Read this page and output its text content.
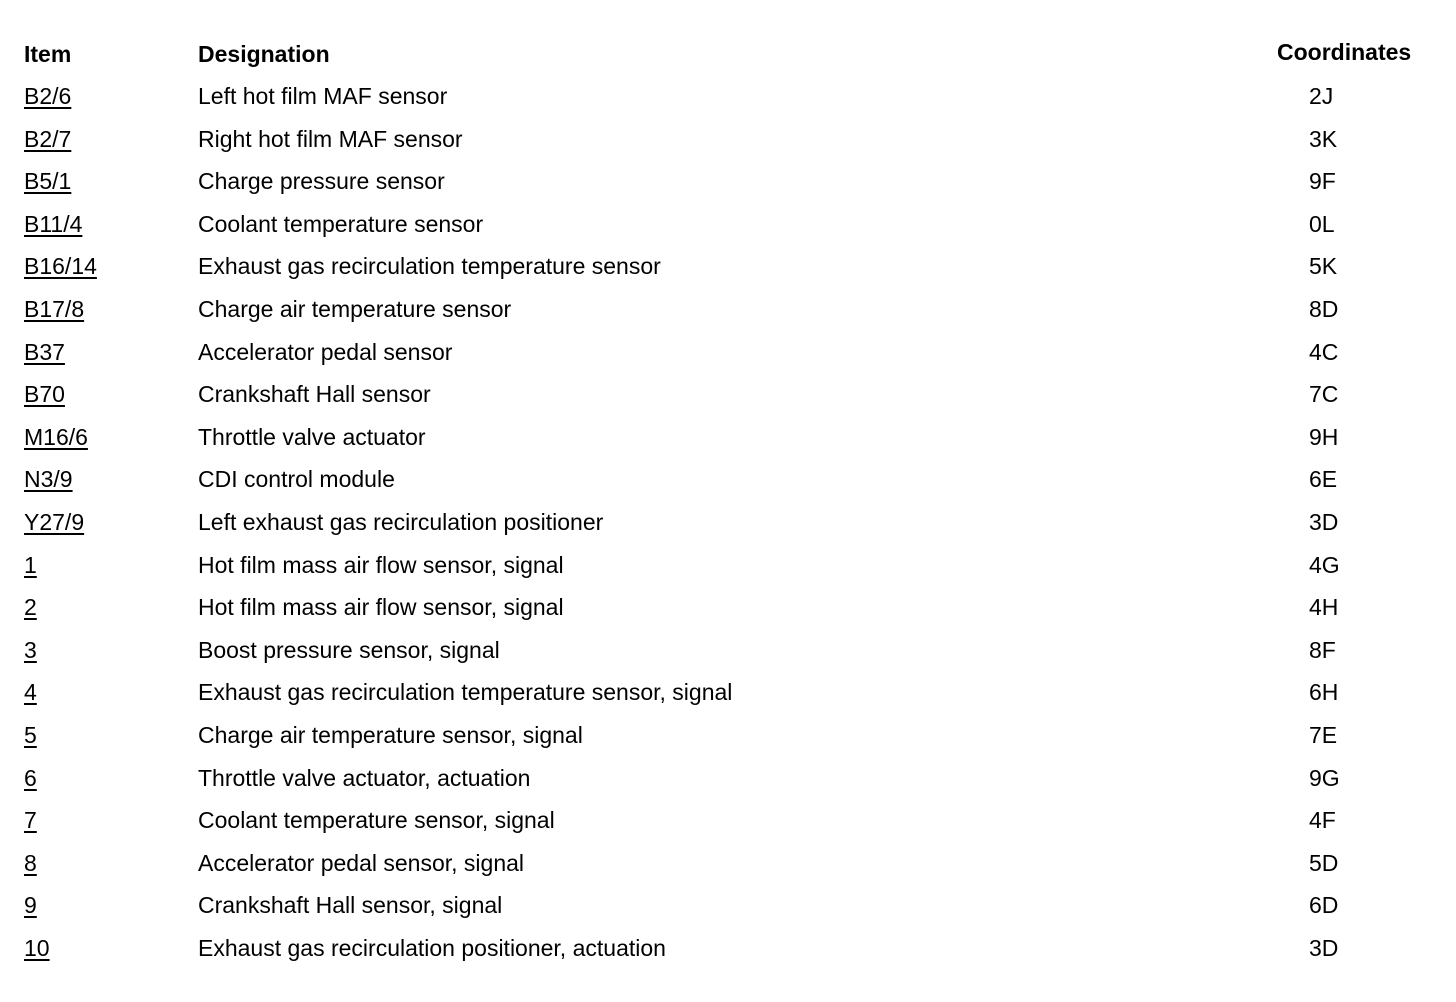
Item	Designation	Coordinates
B2/6	Left hot film MAF sensor	2J
B2/7	Right hot film MAF sensor	3K
B5/1	Charge pressure sensor	9F
B11/4	Coolant temperature sensor	0L
B16/14	Exhaust gas recirculation temperature sensor	5K
B17/8	Charge air temperature sensor	8D
B37	Accelerator pedal sensor	4C
B70	Crankshaft Hall sensor	7C
M16/6	Throttle valve actuator	9H
N3/9	CDI control module	6E
Y27/9	Left exhaust gas recirculation positioner	3D
1	Hot film mass air flow sensor, signal	4G
2	Hot film mass air flow sensor, signal	4H
3	Boost pressure sensor, signal	8F
4	Exhaust gas recirculation temperature sensor, signal	6H
5	Charge air temperature sensor, signal	7E
6	Throttle valve actuator, actuation	9G
7	Coolant temperature sensor, signal	4F
8	Accelerator pedal sensor, signal	5D
9	Crankshaft Hall sensor, signal	6D
10	Exhaust gas recirculation positioner, actuation	3D
